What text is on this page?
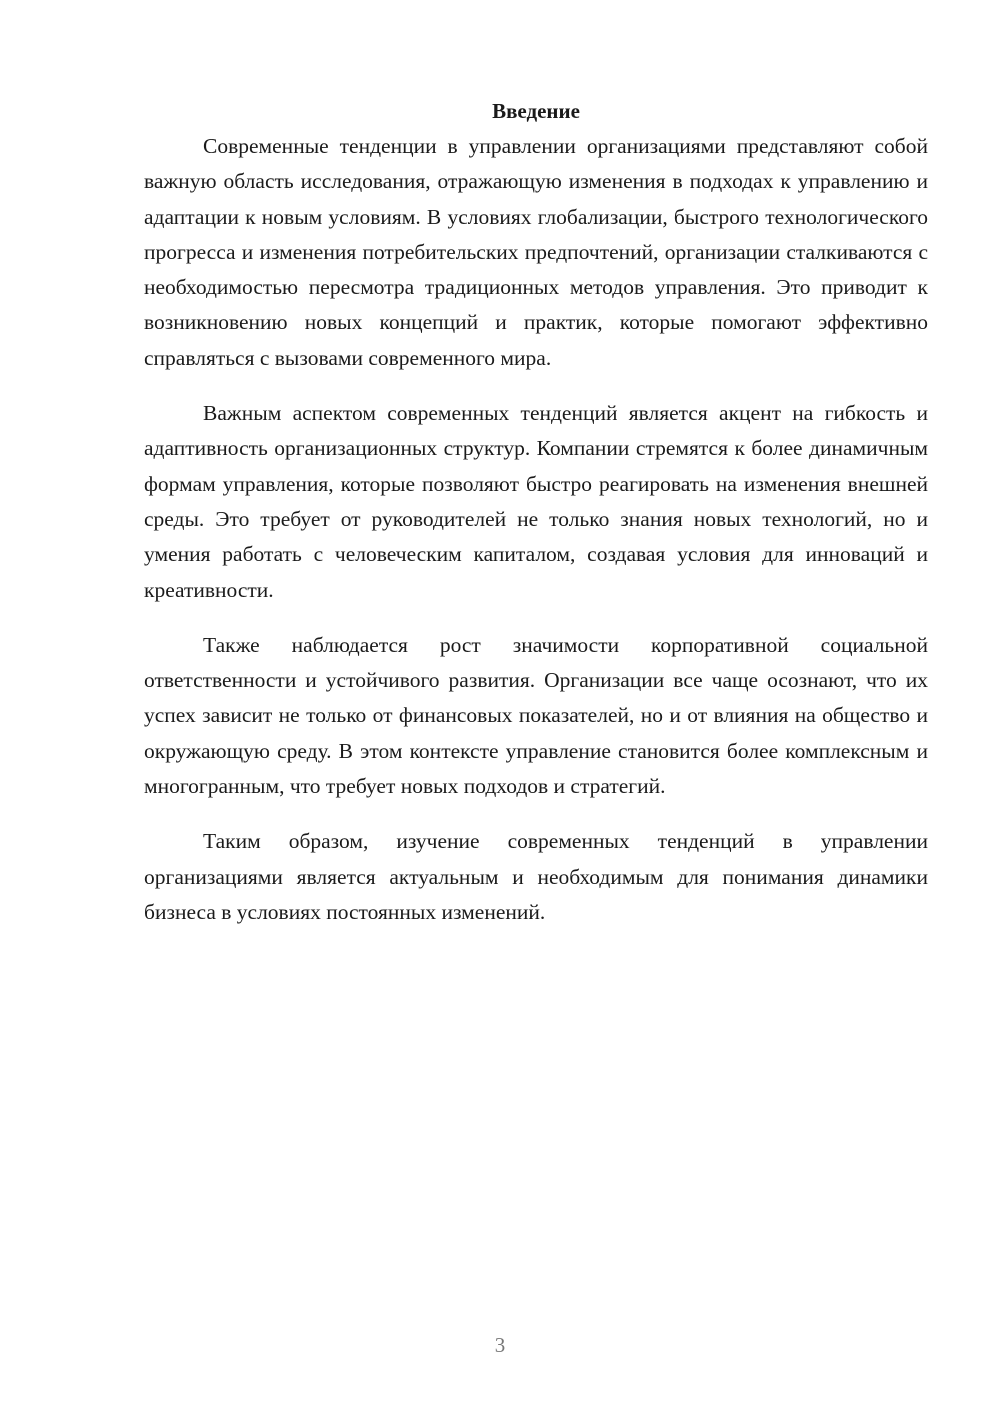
Введение

Современные тенденции в управлении организациями представляют собой важную область исследования, отражающую изменения в подходах к управлению и адаптации к новым условиям. В условиях глобализации, быстрого технологического прогресса и изменения потребительских предпочтений, организации сталкиваются с необходимостью пересмотра традиционных методов управления. Это приводит к возникновению новых концепций и практик, которые помогают эффективно справляться с вызовами современного мира.

Важным аспектом современных тенденций является акцент на гибкость и адаптивность организационных структур. Компании стремятся к более динамичным формам управления, которые позволяют быстро реагировать на изменения внешней среды. Это требует от руководителей не только знания новых технологий, но и умения работать с человеческим капиталом, создавая условия для инноваций и креативности.

Также наблюдается рост значимости корпоративной социальной ответственности и устойчивого развития. Организации все чаще осознают, что их успех зависит не только от финансовых показателей, но и от влияния на общество и окружающую среду. В этом контексте управление становится более комплексным и многогранным, что требует новых подходов и стратегий.

Таким образом, изучение современных тенденций в управлении организациями является актуальным и необходимым для понимания динамики бизнеса в условиях постоянных изменений.

3
